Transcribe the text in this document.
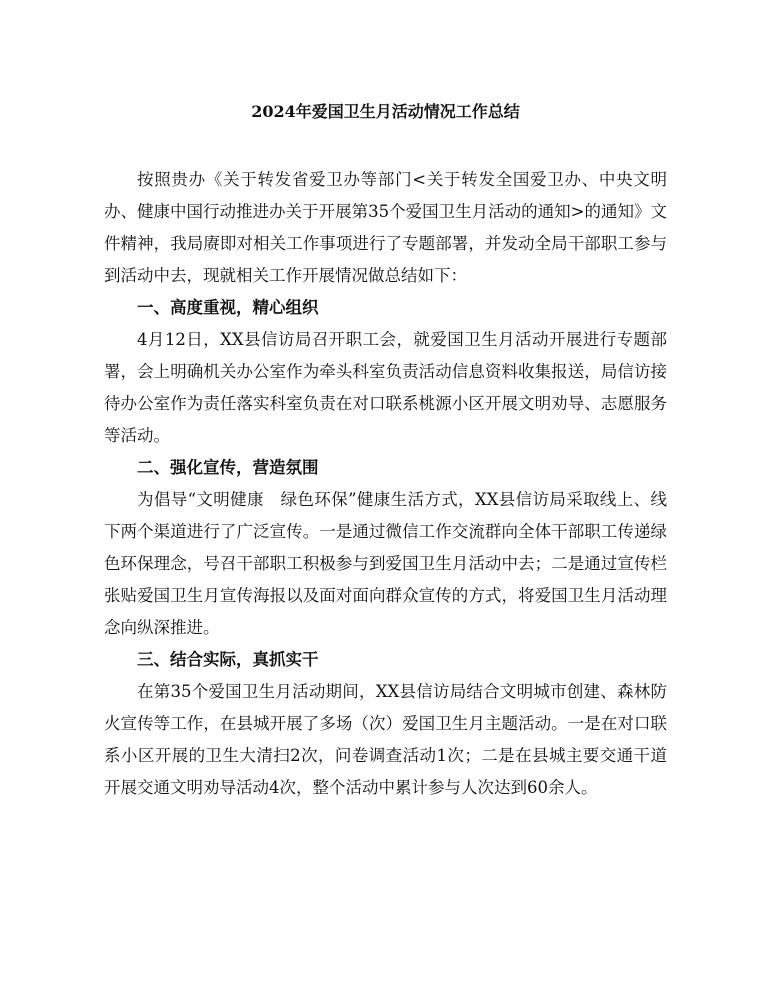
2024年爱国卫生月活动情况工作总结

按照贵办《关于转发省爱卫办等部门<关于转发全国爱卫办、中央文明办、健康中国行动推进办关于开展第35个爱国卫生月活动的通知>的通知》文件精神，我局赓即对相关工作事项进行了专题部署，并发动全局干部职工参与到活动中去，现就相关工作开展情况做总结如下：

一、高度重视，精心组织

4月12日，XX县信访局召开职工会，就爱国卫生月活动开展进行专题部署，会上明确机关办公室作为牵头科室负责活动信息资料收集报送，局信访接待办公室作为责任落实科室负责在对口联系桃源小区开展文明劝导、志愿服务等活动。

二、强化宣传，营造氛围

为倡导“文明健康　绿色环保”健康生活方式，XX县信访局采取线上、线下两个渠道进行了广泛宣传。一是通过微信工作交流群向全体干部职工传递绿色环保理念，号召干部职工积极参与到爱国卫生月活动中去；二是通过宣传栏张贴爱国卫生月宣传海报以及面对面向群众宣传的方式，将爱国卫生月活动理念向纵深推进。

三、结合实际，真抓实干

在第35个爱国卫生月活动期间，XX县信访局结合文明城市创建、森林防火宣传等工作，在县城开展了多场（次）爱国卫生月主题活动。一是在对口联系小区开展的卫生大清扫2次，问卷调查活动1次；二是在县城主要交通干道开展交通文明劝导活动4次，整个活动中累计参与人次达到60余人。
